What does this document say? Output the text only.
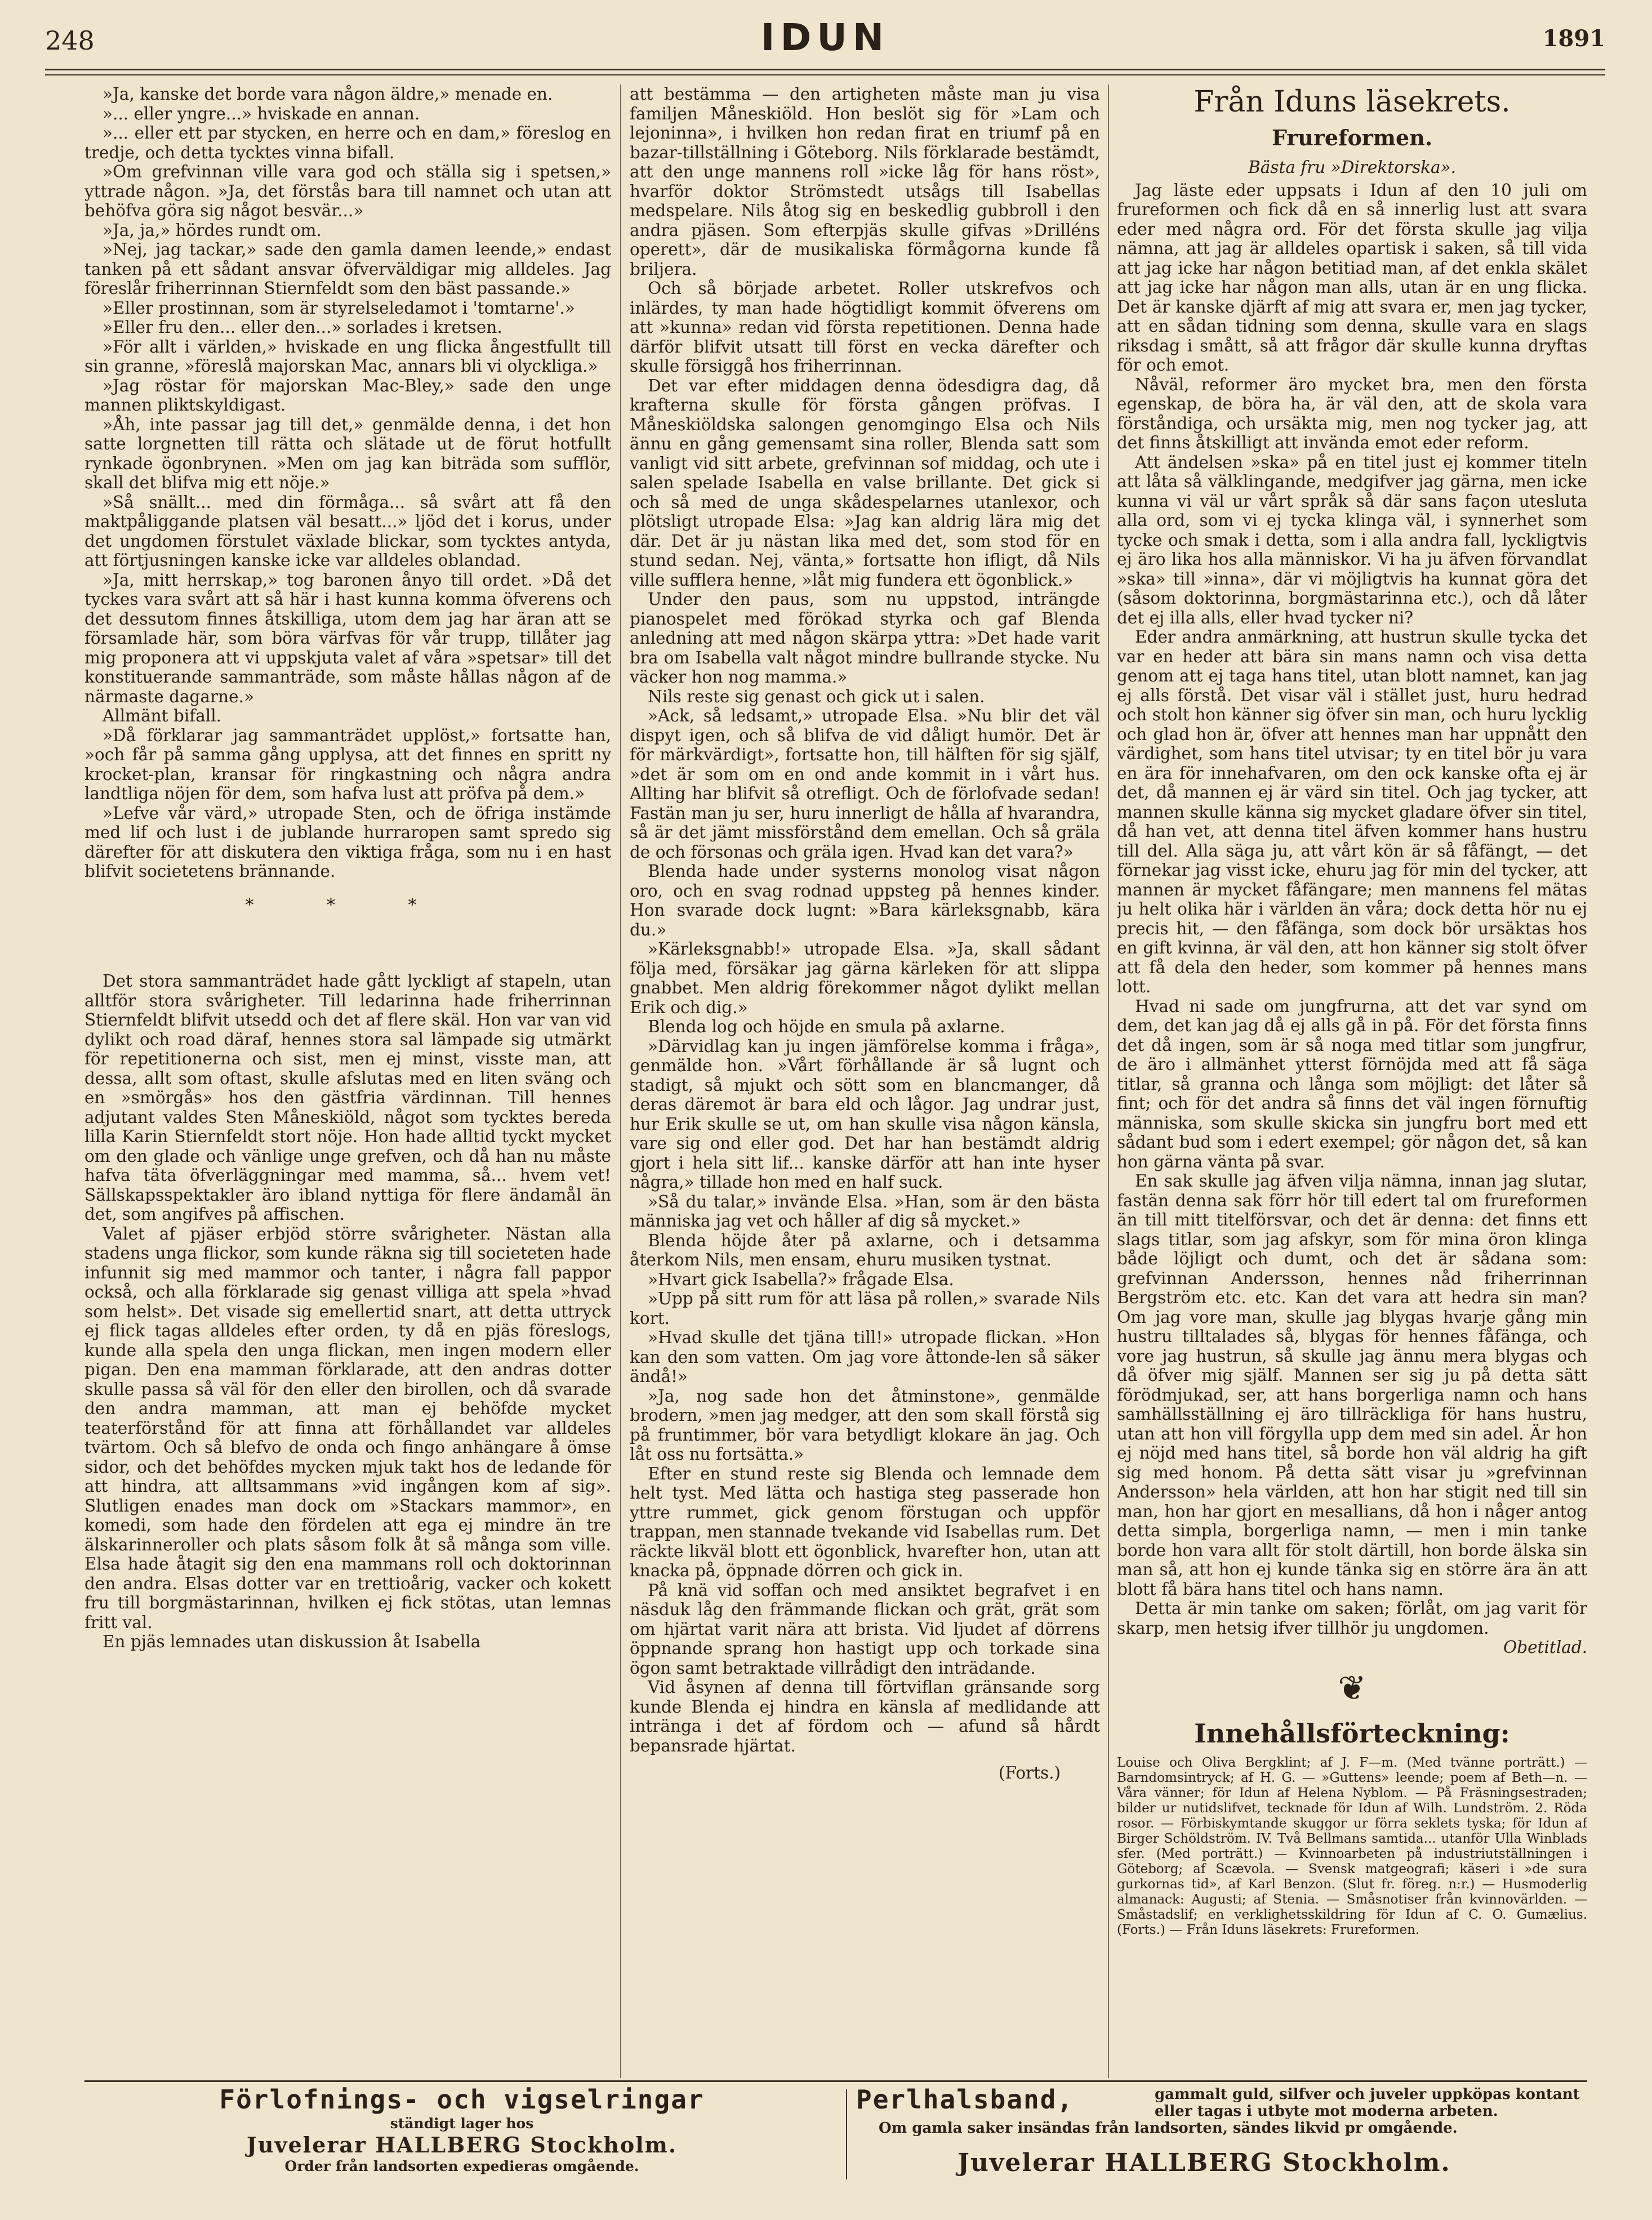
248	IDUN	1891

»Ja, kanske det borde vara någon äldre,» menade en.

»... eller yngre...» hviskade en annan.

»... eller ett par stycken, en herre och en dam,» föreslog en tredje, och detta tycktes vinna bifall.

»Om grefvinnan ville vara god och ställa sig i spetsen,» yttrade någon. »Ja, det förstås bara till namnet och utan att behöfva göra sig något besvär...»

»Ja, ja,» hördes rundt om.

»Nej, jag tackar,» sade den gamla damen leende,» endast tanken på ett sådant ansvar öfverväldigar mig alldeles. Jag föreslår friherrinnan Stiernfeldt som den bäst passande.»

»Eller prostinnan, som är styrelseledamot i 'tomtarne'.»

»Eller fru den... eller den...» sorlades i kretsen.

»För allt i världen,» hviskade en ung flicka ångestfullt till sin granne, »föreslå majorskan Mac, annars bli vi olyckliga.»

»Jag röstar för majorskan Mac-Bley,» sade den unge mannen pliktskyldigast.

»Åh, inte passar jag till det,» genmälde denna, i det hon satte lorgnetten till rätta och slätade ut de förut hotfullt rynkade ögonbrynen. »Men om jag kan biträda som sufflör, skall det blifva mig ett nöje.»

»Så snällt... med din förmåga... så svårt att få den maktpåliggande platsen väl besatt...» ljöd det i korus, under det ungdomen förstulet växlade blickar, som tycktes antyda, att förtjusningen kanske icke var alldeles oblandad.

»Ja, mitt herrskap,» tog baronen ånyo till ordet. »Då det tyckes vara svårt att så här i hast kunna komma öfverens och det dessutom finnes åtskilliga, utom dem jag har äran att se församlade här, som böra värfvas för vår trupp, tillåter jag mig proponera att vi uppskjuta valet af våra »spetsar» till det konstituerande sammanträde, som måste hållas någon af de närmaste dagarne.»

Allmänt bifall.

»Då förklarar jag sammanträdet upplöst,» fortsatte han, »och får på samma gång upplysa, att det finnes en spritt ny krocket-plan, kransar för ringkastning och några andra landtliga nöjen för dem, som hafva lust att pröfva på dem.»

»Lefve vår värd,» utropade Sten, och de öfriga instämde med lif och lust i de jublande hurraropen samt spredo sig därefter för att diskutera den viktiga fråga, som nu i en hast blifvit societetens brännande.

* * *

Det stora sammanträdet hade gått lyckligt af stapeln, utan alltför stora svårigheter. Till ledarinna hade friherrinnan Stiernfeldt blifvit utsedd och det af flere skäl. Hon var van vid dylikt och road däraf, hennes stora sal lämpade sig utmärkt för repetitionerna och sist, men ej minst, visste man, att dessa, allt som oftast, skulle afslutas med en liten sväng och en »smörgås» hos den gästfria värdinnan. Till hennes adjutant valdes Sten Måneskiöld, något som tycktes bereda lilla Karin Stiernfeldt stort nöje. Hon hade alltid tyckt mycket om den glade och vänlige unge grefven, och då han nu måste hafva täta öfverläggningar med mamma, så... hvem vet! Sällskapsspektakler äro ibland nyttiga för flere ändamål än det, som angifves på affischen.

Valet af pjäser erbjöd större svårigheter. Nästan alla stadens unga flickor, som kunde räkna sig till societeten hade infunnit sig med mammor och tanter, i några fall pappor också, och alla förklarade sig genast villiga att spela »hvad som helst». Det visade sig emellertid snart, att detta uttryck ej flick tagas alldeles efter orden, ty då en pjäs föreslogs, kunde alla spela den unga flickan, men ingen modern eller pigan. Den ena mamman förklarade, att den andras dotter skulle passa så väl för den eller den birollen, och då svarade den andra mamman, att man ej behöfde mycket teaterförstånd för att finna att förhållandet var alldeles tvärtom. Och så blefvo de onda och fingo anhängare å ömse sidor, och det behöfdes mycken mjuk takt hos de ledande för att hindra, att alltsammans »vid ingången kom af sig». Slutligen enades man dock om »Stackars mammor», en komedi, som hade den fördelen att ega ej mindre än tre älskarinneroller och plats såsom folk åt så många som ville. Elsa hade åtagit sig den ena mammans roll och doktorinnan den andra. Elsas dotter var en trettioårig, vacker och kokett fru till borgmästarinnan, hvilken ej fick stötas, utan lemnas fritt val.

En pjäs lemnades utan diskussion åt Isabella

att bestämma — den artigheten måste man ju visa familjen Måneskiöld. Hon beslöt sig för »Lam och lejoninna», i hvilken hon redan firat en triumf på en bazar-tillställning i Göteborg. Nils förklarade bestämdt, att den unge mannens roll »icke låg för hans röst», hvarför doktor Strömstedt utsågs till Isabellas medspelare. Nils åtog sig en beskedlig gubbroll i den andra pjäsen. Som efterpjäs skulle gifvas »Drilléns operett», där de musikaliska förmågorna kunde få briljera.

Och så började arbetet. Roller utskrefvos och inlärdes, ty man hade högtidligt kommit öfverens om att »kunna» redan vid första repetitionen. Denna hade därför blifvit utsatt till först en vecka därefter och skulle försiggå hos friherrinnan.

Det var efter middagen denna ödesdigra dag, då krafterna skulle för första gången pröfvas. I Måneskiöldska salongen genomgingo Elsa och Nils ännu en gång gemensamt sina roller, Blenda satt som vanligt vid sitt arbete, grefvinnan sof middag, och ute i salen spelade Isabella en valse brillante. Det gick si och så med de unga skådespelarnes utanlexor, och plötsligt utropade Elsa: »Jag kan aldrig lära mig det där. Det är ju nästan lika med det, som stod för en stund sedan. Nej, vänta,» fortsatte hon ifligt, då Nils ville sufflera henne, »låt mig fundera ett ögonblick.»

Under den paus, som nu uppstod, inträngde pianospelet med förökad styrka och gaf Blenda anledning att med någon skärpa yttra: »Det hade varit bra om Isabella valt något mindre bullrande stycke. Nu väcker hon nog mamma.»

Nils reste sig genast och gick ut i salen.

»Ack, så ledsamt,» utropade Elsa. »Nu blir det väl dispyt igen, och så blifva de vid dåligt humör. Det är för märkvärdigt», fortsatte hon, till hälften för sig själf, »det är som om en ond ande kommit in i vårt hus. Allting har blifvit så otrefligt. Och de förlofvade sedan! Fastän man ju ser, huru innerligt de hålla af hvarandra, så är det jämt missförstånd dem emellan. Och så gräla de och försonas och gräla igen. Hvad kan det vara?»

Blenda hade under systerns monolog visat någon oro, och en svag rodnad uppsteg på hennes kinder. Hon svarade dock lugnt: »Bara kärleksgnabb, kära du.»

»Kärleksgnabb!» utropade Elsa. »Ja, skall sådant följa med, försäkar jag gärna kärleken för att slippa gnabbet. Men aldrig förekommer något dylikt mellan Erik och dig.»

Blenda log och höjde en smula på axlarne.

»Därvidlag kan ju ingen jämförelse komma i fråga», genmälde hon. »Vårt förhållande är så lugnt och stadigt, så mjukt och sött som en blancmanger, då deras däremot är bara eld och lågor. Jag undrar just, hur Erik skulle se ut, om han skulle visa någon känsla, vare sig ond eller god. Det har han bestämdt aldrig gjort i hela sitt lif... kanske därför att han inte hyser några,» tillade hon med en half suck.

»Så du talar,» invände Elsa. »Han, som är den bästa människa jag vet och håller af dig så mycket.»

Blenda höjde åter på axlarne, och i detsamma återkom Nils, men ensam, ehuru musiken tystnat.

»Hvart gick Isabella?» frågade Elsa.

»Upp på sitt rum för att läsa på rollen,» svarade Nils kort.

»Hvad skulle det tjäna till!» utropade flickan. »Hon kan den som vatten. Om jag vore åttonde-len så säker ändå!»

»Ja, nog sade hon det åtminstone», genmälde brodern, »men jag medger, att den som skall förstå sig på fruntimmer, bör vara betydligt klokare än jag. Och låt oss nu fortsätta.»

Efter en stund reste sig Blenda och lemnade dem helt tyst. Med lätta och hastiga steg passerade hon yttre rummet, gick genom förstugan och uppför trappan, men stannade tvekande vid Isabellas rum. Det räckte likväl blott ett ögonblick, hvarefter hon, utan att knacka på, öppnade dörren och gick in.

På knä vid soffan och med ansiktet begrafvet i en näsduk låg den främmande flickan och grät, grät som om hjärtat varit nära att brista. Vid ljudet af dörrens öppnande sprang hon hastigt upp och torkade sina ögon samt betraktade villrådigt den inträdande.

Vid åsynen af denna till förtviflan gränsande sorg kunde Blenda ej hindra en känsla af medlidande att intränga i det af fördom och — afund så hårdt bepansrade hjärtat.

(Forts.)
Från Iduns läsekrets.
Frureformen.
Bästa fru »Direktorska».

Jag läste eder uppsats i Idun af den 10 juli om frureformen och fick då en så innerlig lust att svara eder med några ord. För det första skulle jag vilja nämna, att jag är alldeles opartisk i saken, så till vida att jag icke har någon betitiad man, af det enkla skälet att jag icke har någon man alls, utan är en ung flicka. Det är kanske djärft af mig att svara er, men jag tycker, att en sådan tidning som denna, skulle vara en slags riksdag i smått, så att frågor där skulle kunna dryftas för och emot.

Nåväl, reformer äro mycket bra, men den första egenskap, de böra ha, är väl den, att de skola vara förståndiga, och ursäkta mig, men nog tycker jag, att det finns åtskilligt att invända emot eder reform.

Att ändelsen »ska» på en titel just ej kommer titeln att låta så välklingande, medgifver jag gärna, men icke kunna vi väl ur vårt språk så där sans façon utesluta alla ord, som vi ej tycka klinga väl, i synnerhet som tycke och smak i detta, som i alla andra fall, lyckligtvis ej äro lika hos alla människor. Vi ha ju äfven förvandlat »ska» till »inna», där vi möjligtvis ha kunnat göra det (såsom doktorinna, borgmästarinna etc.), och då låter det ej illa alls, eller hvad tycker ni?

Eder andra anmärkning, att hustrun skulle tycka det var en heder att bära sin mans namn och visa detta genom att ej taga hans titel, utan blott namnet, kan jag ej alls förstå. Det visar väl i stället just, huru hedrad och stolt hon känner sig öfver sin man, och huru lycklig och glad hon är, öfver att hennes man har uppnått den värdighet, som hans titel utvisar; ty en titel bör ju vara en ära för innehafvaren, om den ock kanske ofta ej är det, då mannen ej är värd sin titel. Och jag tycker, att mannen skulle känna sig mycket gladare öfver sin titel, då han vet, att denna titel äfven kommer hans hustru till del. Alla säga ju, att vårt kön är så fåfängt, — det förnekar jag visst icke, ehuru jag för min del tycker, att mannen är mycket fåfängare; men mannens fel mätas ju helt olika här i världen än våra; dock detta hör nu ej precis hit, — den fåfänga, som dock bör ursäktas hos en gift kvinna, är väl den, att hon känner sig stolt öfver att få dela den heder, som kommer på hennes mans lott.

Hvad ni sade om jungfrurna, att det var synd om dem, det kan jag då ej alls gå in på. För det första finns det då ingen, som är så noga med titlar som jungfrur, de äro i allmänhet ytterst förnöjda med att få säga titlar, så granna och långa som möjligt: det låter så fint; och för det andra så finns det väl ingen förnuftig människa, som skulle skicka sin jungfru bort med ett sådant bud som i edert exempel; gör någon det, så kan hon gärna vänta på svar.

En sak skulle jag äfven vilja nämna, innan jag slutar, fastän denna sak förr hör till edert tal om frureformen än till mitt titelförsvar, och det är denna: det finns ett slags titlar, som jag afskyr, som för mina öron klinga både löjligt och dumt, och det är sådana som: grefvinnan Andersson, hennes nåd friherrinnan Bergström etc. etc. Kan det vara att hedra sin man? Om jag vore man, skulle jag blygas hvarje gång min hustru tilltalades så, blygas för hennes fåfänga, och vore jag hustrun, så skulle jag ännu mera blygas och då öfver mig själf. Mannen ser sig ju på detta sätt förödmjukad, ser, att hans borgerliga namn och hans samhällsställning ej äro tillräckliga för hans hustru, utan att hon vill förgylla upp dem med sin adel. Är hon ej nöjd med hans titel, så borde hon väl aldrig ha gift sig med honom. På detta sätt visar ju »grefvinnan Andersson» hela världen, att hon har stigit ned till sin man, hon har gjort en mesallians, då hon i någer antog detta simpla, borgerliga namn, — men i min tanke borde hon vara allt för stolt därtill, hon borde älska sin man så, att hon ej kunde tänka sig en större ära än att blott få bära hans titel och hans namn.

Detta är min tanke om saken; förlåt, om jag varit för skarp, men hetsig ifver tillhör ju ungdomen.

Obetitlad.
❦
Innehållsförteckning:

Louise och Oliva Bergklint; af J. F—m. (Med tvänne porträtt.) — Barndomsintryck; af H. G. — »Guttens» leende; poem af Beth—n. — Våra vänner; för Idun af Helena Nyblom. — På Fräsningsestraden; bilder ur nutidslifvet, tecknade för Idun af Wilh. Lundström. 2. Röda rosor. — Förbiskymtande skuggor ur förra seklets tyska; för Idun af Birger Schöldström. IV. Två Bellmans samtida... utanför Ulla Winblads sfer. (Med porträtt.) — Kvinnoarbeten på industriutställningen i Göteborg; af Scævola. — Svensk matgeografi; käseri i »de sura gurkornas tid», af Karl Benzon. (Slut fr. föreg. n:r.) — Husmoderlig almanack: Augusti; af Stenia. — Småsnotiser från kvinnovärlden. — Småstadslif; en verklighetsskildring för Idun af C. O. Gumælius. (Forts.) — Från Iduns läsekrets: Frureformen.

Förlofnings- och vigselringar
ständigt lager hos
Juvelerar HALLBERG Stockholm.
Order från landsorten expedieras omgående.
Perlhalsband,	gammalt guld, silfver och juveler uppköpas kontant eller tagas i utbyte mot moderna arbeten.
Om gamla saker insändas från landsorten, sändes likvid pr omgående.
Juvelerar HALLBERG Stockholm.
